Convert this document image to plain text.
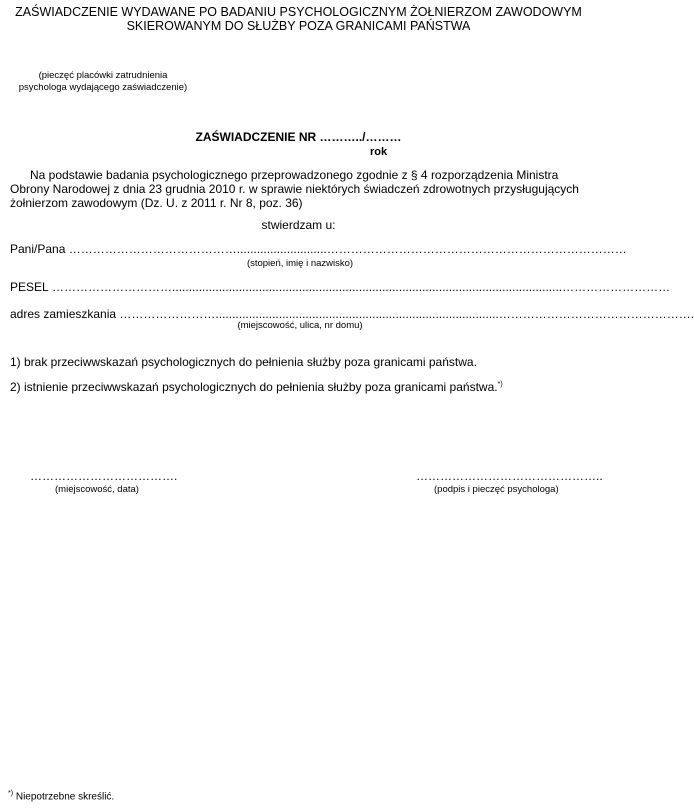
ZAŚWIADCZENIE WYDAWANE PO BADANIU PSYCHOLOGICZNYM ŻOŁNIERZOM ZAWODOWYM
SKIEROWANYM DO SŁUŻBY POZA GRANICAMI PAŃSTWA
(pieczęć placówki zatrudnienia
psychologa wydającego zaświadczenie)
ZAŚWIADCZENIE NR ………../………
rok
Na podstawie badania psychologicznego przeprowadzonego zgodnie z § 4 rozporządzenia Ministra Obrony Narodowej z dnia 23 grudnia 2010 r. w sprawie niektórych świadczeń zdrowotnych przysługujących żołnierzom zawodowym (Dz. U. z 2011 r. Nr 8, poz. 36)
stwierdzam u:
Pani/Pana ……………………………………...........................…………………………………………………………………
(stopień, imię i nazwisko)
PESEL ………………………….....................................................................................................................………………………
adres zamieszkania …………………….....................................................................................………………………………………….
(miejscowość, ulica, nr domu)
1) brak przeciwwskazań psychologicznych do pełnienia służby poza granicami państwa.
2) istnienie przeciwwskazań psychologicznych do pełnienia służby poza granicami państwa.*)
……………………………….
(miejscowość, data)
………………………………………..
(podpis i pieczęć psychologa)
*) Niepotrzebne skreślić.
